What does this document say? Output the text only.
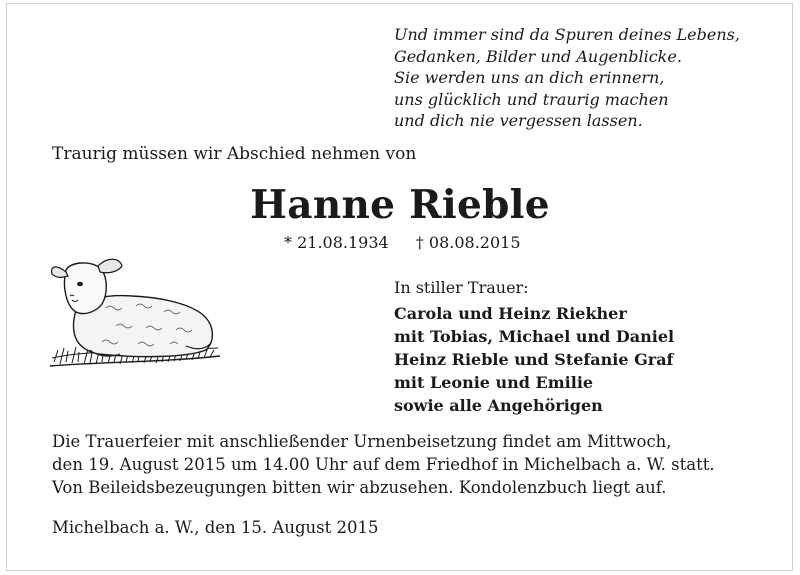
Und immer sind da Spuren deines Lebens,
Gedanken, Bilder und Augenblicke.
Sie werden uns an dich erinnern,
uns glücklich und traurig machen
und dich nie vergessen lassen.
Traurig müssen wir Abschied nehmen von
Hanne Rieble
* 21.08.1934 † 08.08.2015
In stiller Trauer:
Carola und Heinz Riekher
mit Tobias, Michael und Daniel
Heinz Rieble und Stefanie Graf
mit Leonie und Emilie
sowie alle Angehörigen
Die Trauerfeier mit anschließender Urnenbeisetzung findet am Mittwoch,
den 19. August 2015 um 14.00 Uhr auf dem Friedhof in Michelbach a. W. statt.
Von Beileidsbezeugungen bitten wir abzusehen. Kondolenzbuch liegt auf.
Michelbach a. W., den 15. August 2015
